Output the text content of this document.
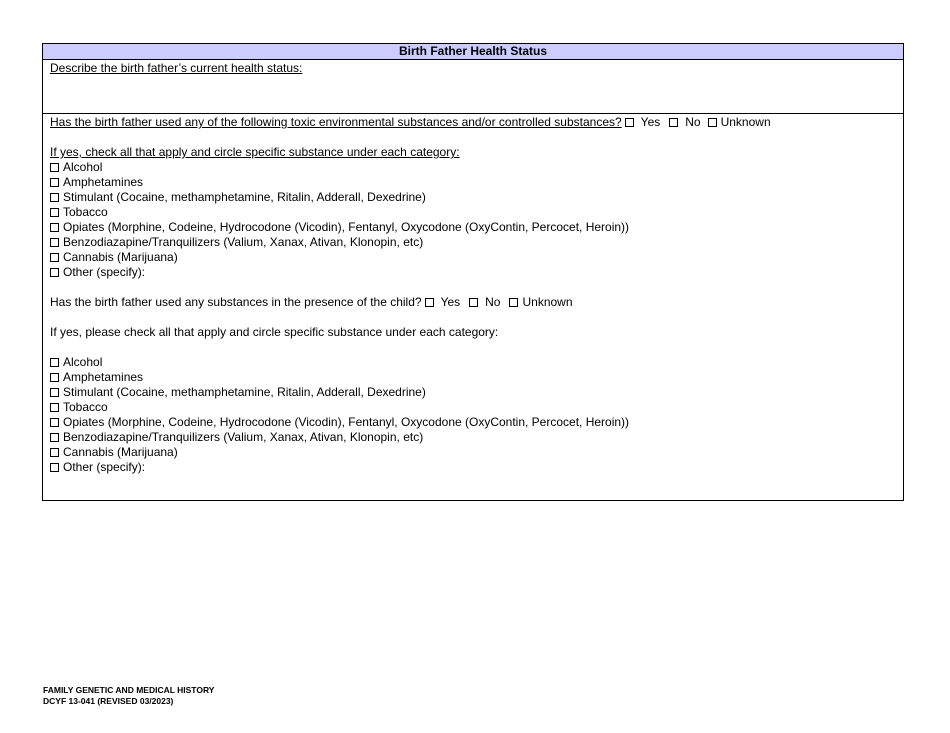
Birth Father Health Status
Describe the birth father’s current health status:
Has the birth father used any of the following toxic environmental substances and/or controlled substances? Yes No Unknown
If yes, check all that apply and circle specific substance under each category:
Alcohol
Amphetamines
Stimulant (Cocaine, methamphetamine, Ritalin, Adderall, Dexedrine)
Tobacco
Opiates (Morphine, Codeine, Hydrocodone (Vicodin), Fentanyl, Oxycodone (OxyContin, Percocet, Heroin))
Benzodiazapine/Tranquilizers (Valium, Xanax, Ativan, Klonopin, etc)
Cannabis (Marijuana)
Other (specify):
Has the birth father used any substances in the presence of the child? Yes No Unknown
If yes, please check all that apply and circle specific substance under each category:
Alcohol
Amphetamines
Stimulant (Cocaine, methamphetamine, Ritalin, Adderall, Dexedrine)
Tobacco
Opiates (Morphine, Codeine, Hydrocodone (Vicodin), Fentanyl, Oxycodone (OxyContin, Percocet, Heroin))
Benzodiazapine/Tranquilizers (Valium, Xanax, Ativan, Klonopin, etc)
Cannabis (Marijuana)
Other (specify):
FAMILY GENETIC AND MEDICAL HISTORY
DCYF 13-041 (REVISED 03/2023)
